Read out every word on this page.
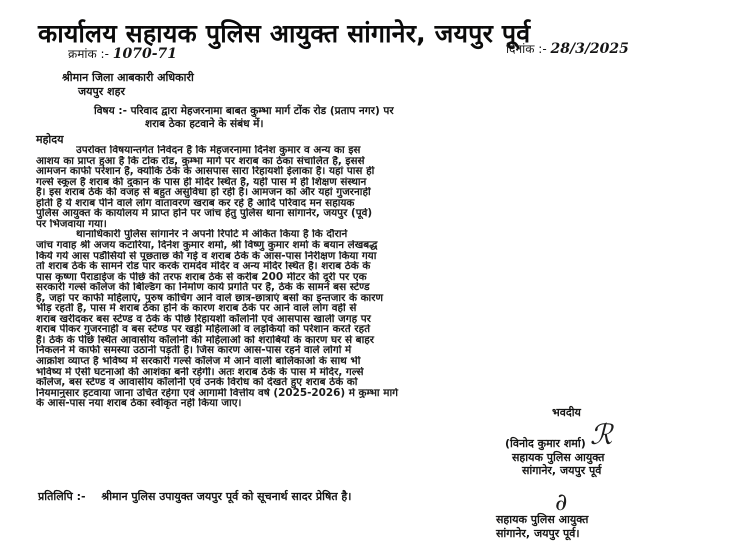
कार्यालय सहायक पुलिस आयुक्त सांगानेर, जयपुर पूर्व
क्रमांक :- 1070-71	दिनांक :- 28/3/2025
श्रीमान जिला आबकारी अधिकारी
जयपुर शहर
विषय :- परिवाद द्वारा मेहजरनामा बाबत कुम्भा मार्ग टोंक रोड (प्रताप नगर) पर
शराब ठेका हटवाने के संबंध में।
महोदय
उपरोक्त विषयान्तर्गत निवेदन है कि मेहजरनामा दिनेश कुमार व अन्य का इस
आशय का प्राप्त हुआ है कि टोंक रोड, कुम्भा मार्ग पर शराब का ठेका संचालित है, इससे
आमजन काफी परेशान है, क्योंकि ठेके के आसपास सारा रिहायशी ईलाका है। यहां पास ही
गर्ल्स स्कूल है शराब की दुकान के पास ही मंदिर स्थित है, यहीं पास में ही शिक्षण संस्थान
है। इस शराब ठेके की वजह से बहुत असुविधा हो रही है। आमजन को और यहां गुजरनाहीं
होती है ये शराब पीने वाले लोग वातावरण खराब कर रहे हैं आदि परिवाद मन सहायक
पुलिस आयुक्त के कार्यालय में प्राप्त होने पर जांच हेतु पुलिस थाना सांगानेर, जयपुर (पूर्व)
पर भिजवाया गया।
थानाधिकारी पुलिस सांगानेर ने अपनी रिपोर्ट में अंकित किया है कि दौराने
जांच गवाह श्री अजय कटारिया, दिनेश कुमार शर्मा, श्री विष्णु कुमार शर्मा के बयान लेखबद्ध
किये गये आस पडौसियों से पूछताछ की गई व शराब ठेके के आस-पास निरीक्षण किया गया
तो शराब ठेके के सामने रोड पार करके रामदेव मंदिर व अन्य मंदिर स्थित है। शराब ठेके के
पास कृष्णा पैराडाईज के पीछे की तरफ शराब ठेके से करीब 200 मीटर की दूरी पर एक
सरकारी गर्ल्स कॉलेज की बिल्डिंग का निर्माण कार्य प्रगति पर है, ठेके के सामने बस स्टेण्ड
है, जहां पर काफी महिलाएं, पुरुष कोचिंग आने वाले छात्र-छात्राएं बसों का इन्तजार के कारण
भीड़ रहती है, पास में शराब ठेका होने के कारण शराब ठेके पर आने वाले लोग वहीं से
शराब खरीदकर बस स्टेण्ड व ठेके के पीछे रिहायशी कॉलोनी एवं आसपास खाली जगह पर
शराब पीकर गुजरनाहीं व बस स्टेण्ड पर खड़ी महिलाओं व लड़कियों को परेशान करते रहते
हैं। ठेके के पीछे स्थित आवासीय कॉलोनी की महिलाओं को शराबियों के कारण घर से बाहर
निकलने में काफी समस्या उठानी पड़ती है। जिस कारण आस-पास रहने वाले लोगों में
आक्रोश व्याप्त है भविष्य में सरकारी गर्ल्स कॉलेज में आने वाली बालिकाओं के साथ भी
भविष्य में ऐसी घटनाओं की आशंका बनी रहेगी। अतः शराब ठेके के पास में मंदिर, गर्ल्स
कॉलेज, बस स्टेण्ड व आवासीय कॉलोनी एवं उनके विरोध को देखते हुए शराब ठेके को
नियमानुसार हटवाया जाना उचित रहेगा एवं आगामी वित्तीय वर्ष (2025-2026) में कुम्भा मार्ग
के आस-पास नया शराब ठेका स्वीकृत नहीं किया जाए।
भवदीय
ℛ
(विनोद कुमार शर्मा)
सहायक पुलिस आयुक्त
सांगानेर, जयपुर पूर्व
प्रतिलिपि :- श्रीमान पुलिस उपायुक्त जयपुर पूर्व को सूचनार्थ सादर प्रेषित है।	∂
सहायक पुलिस आयुक्त
सांगानेर, जयपुर पूर्व।
